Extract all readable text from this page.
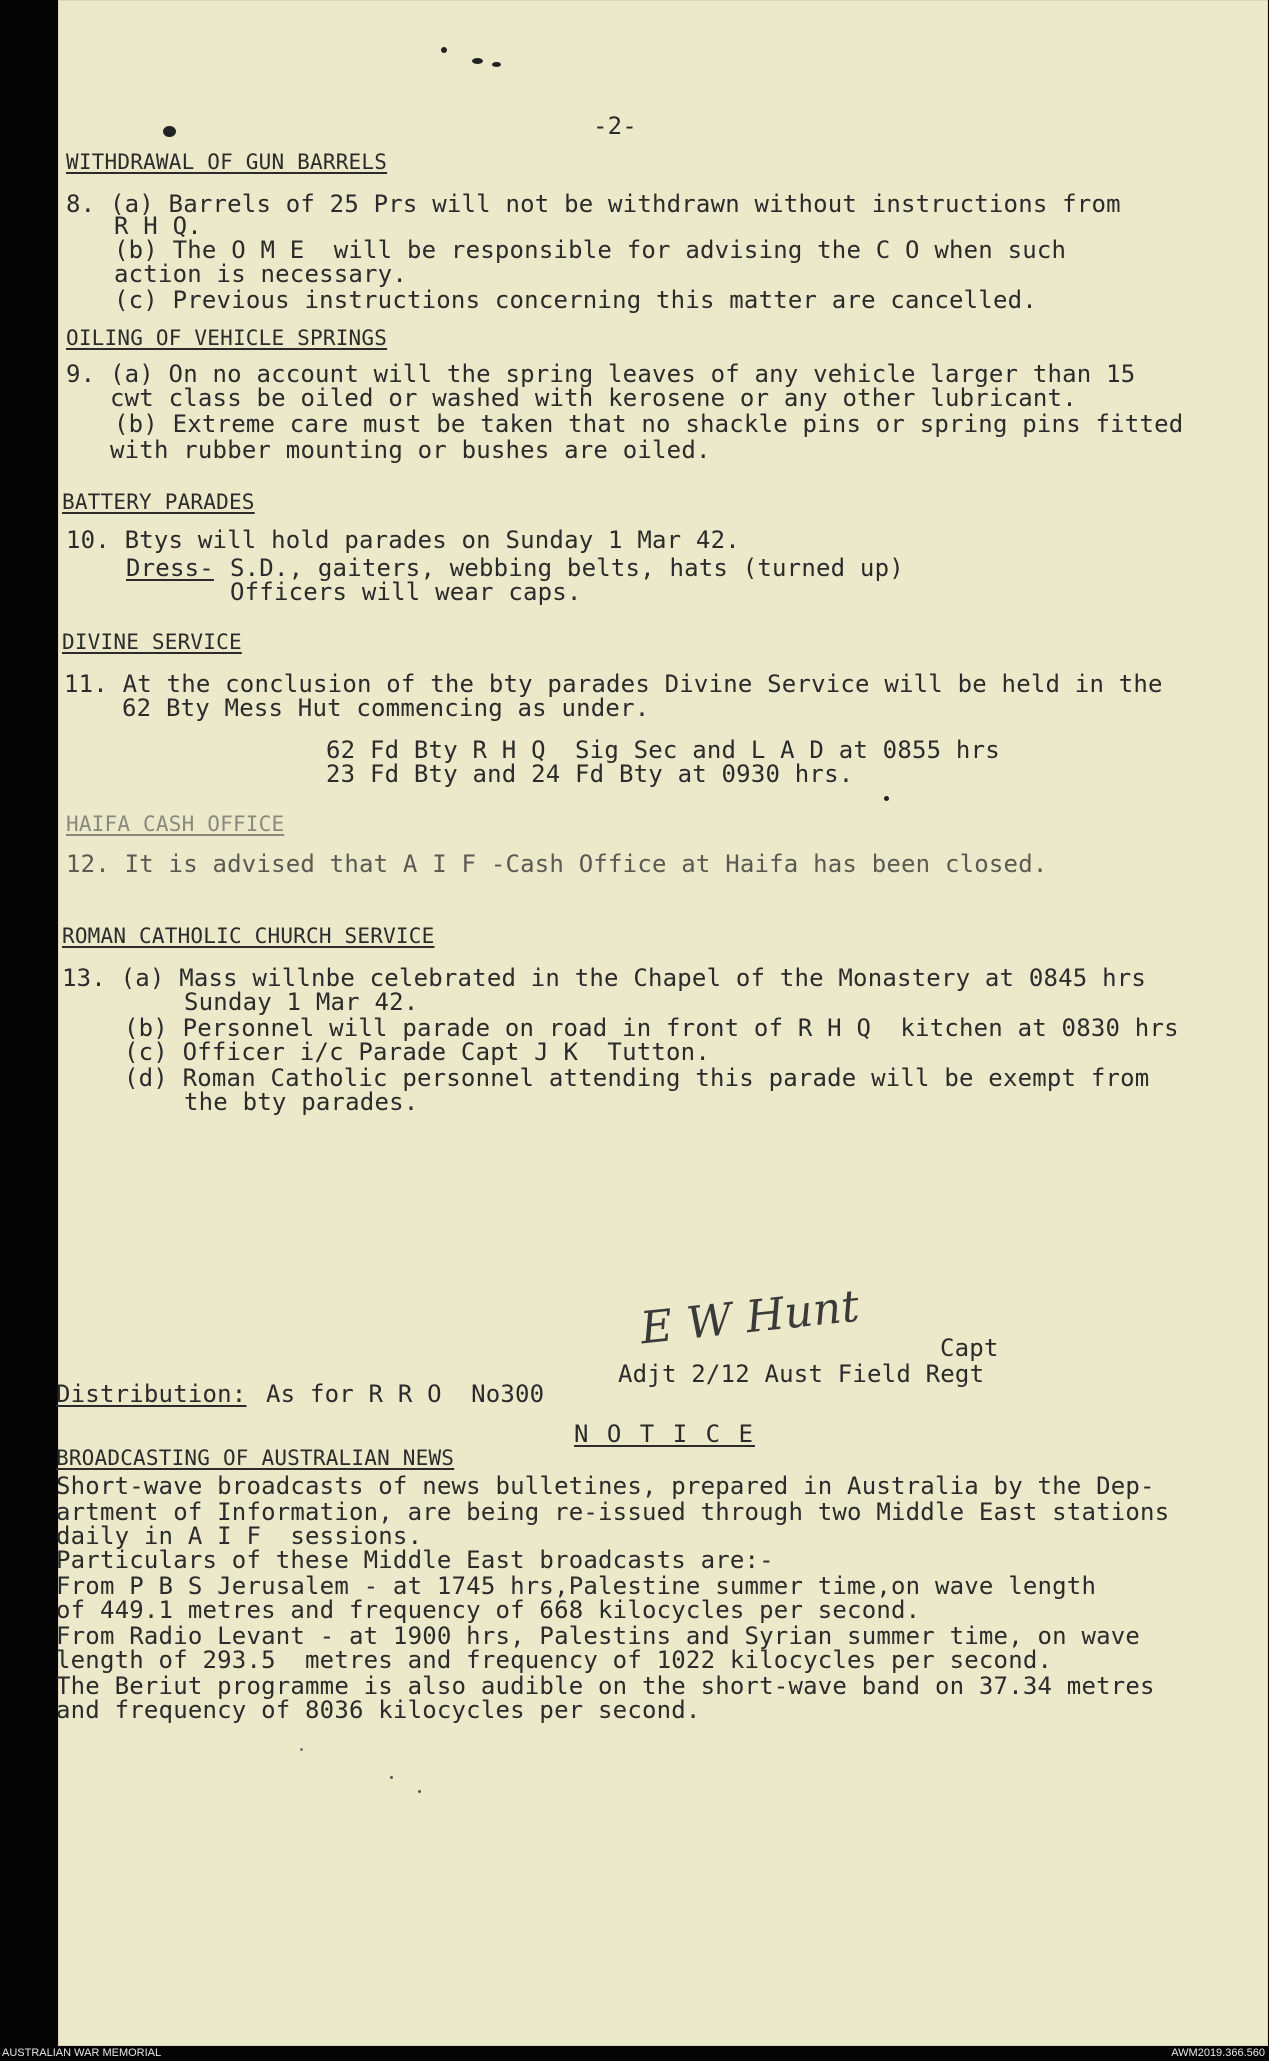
-2-
WITHDRAWAL OF GUN BARRELS
8. (a) Barrels of 25 Prs will not be withdrawn without instructions from
R H Q.
(b) The O M E  will be responsible for advising the C O when such
action is necessary.
(c) Previous instructions concerning this matter are cancelled.
OILING OF VEHICLE SPRINGS
9. (a) On no account will the spring leaves of any vehicle larger than 15
cwt class be oiled or washed with kerosene or any other lubricant.
(b) Extreme care must be taken that no shackle pins or spring pins fitted
with rubber mounting or bushes are oiled.
BATTERY PARADES
10. Btys will hold parades on Sunday 1 Mar 42.
Dress- S.D., gaiters, webbing belts, hats (turned up)
Officers will wear caps.
DIVINE SERVICE
11. At the conclusion of the bty parades Divine Service will be held in the
62 Bty Mess Hut commencing as under.
62 Fd Bty R H Q  Sig Sec and L A D at 0855 hrs
23 Fd Bty and 24 Fd Bty at 0930 hrs.
HAIFA CASH OFFICE
12. It is advised that A I F -Cash Office at Haifa has been closed.
ROMAN CATHOLIC CHURCH SERVICE
13. (a) Mass willnbe celebrated in the Chapel of the Monastery at 0845 hrs
Sunday 1 Mar 42.
(b) Personnel will parade on road in front of R H Q  kitchen at 0830 hrs
(c) Officer i/c Parade Capt J K  Tutton.
(d) Roman Catholic personnel attending this parade will be exempt from
the bty parades.
E W Hunt	Capt
Adjt 2/12 Aust Field Regt
Distribution: As for R R O  No300
N O T I C E
BROADCASTING OF AUSTRALIAN NEWS
Short-wave broadcasts of news bulletines, prepared in Australia by the Dep-
artment of Information, are being re-issued through two Middle East stations
daily in A I F  sessions.
Particulars of these Middle East broadcasts are:-
From P B S Jerusalem - at 1745 hrs,Palestine summer time,on wave length
of 449.1 metres and frequency of 668 kilocycles per second.
From Radio Levant - at 1900 hrs, Palestins and Syrian summer time, on wave
length of 293.5  metres and frequency of 1022 kilocycles per second.
The Beriut programme is also audible on the short-wave band on 37.34 metres
and frequency of 8036 kilocycles per second.
AUSTRALIAN WAR MEMORIAL	AWM2019.366.560
